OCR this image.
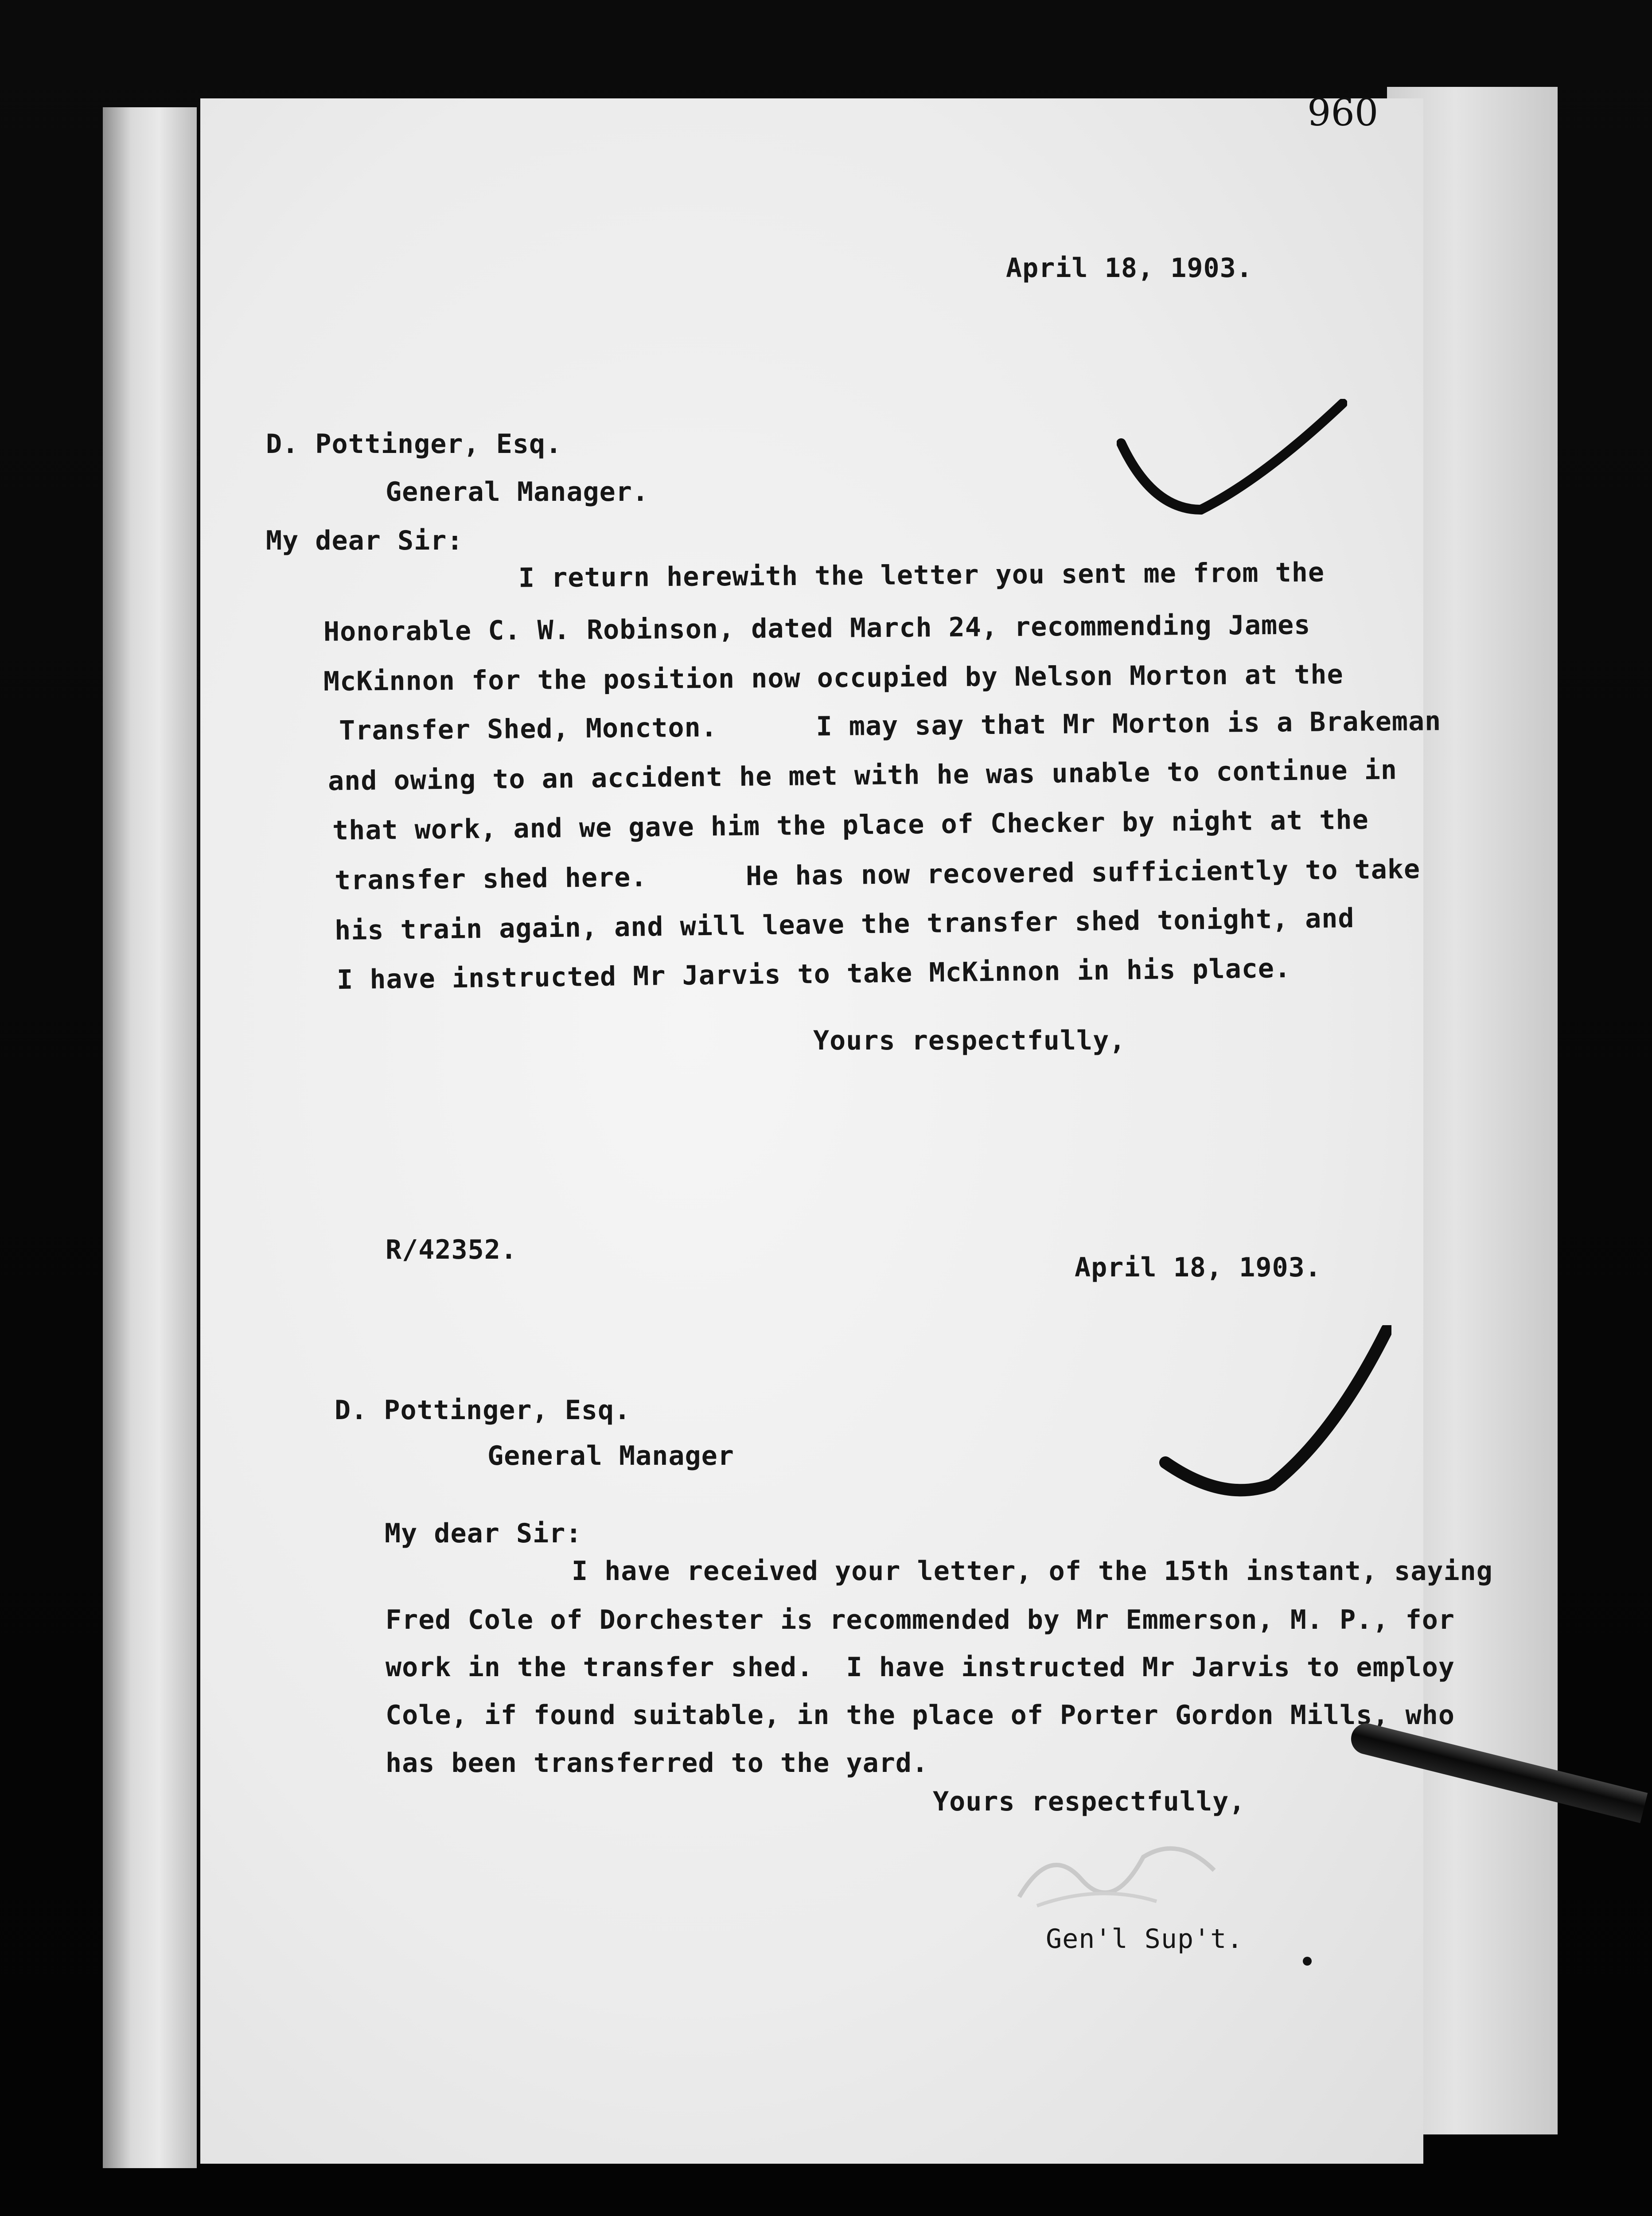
960
April 18, 1903.
D. Pottinger, Esq.
General Manager.
My dear Sir:
I return herewith the letter you sent me from the
Honorable C. W. Robinson, dated March 24, recommending James
McKinnon for the position now occupied by Nelson Morton at the
Transfer Shed, Moncton.      I may say that Mr Morton is a Brakeman
and owing to an accident he met with he was unable to continue in
that work, and we gave him the place of Checker by night at the
transfer shed here.      He has now recovered sufficiently to take
his train again, and will leave the transfer shed tonight, and
I have instructed Mr Jarvis to take McKinnon in his place.
Yours respectfully,
R/42352.
April 18, 1903.
D. Pottinger, Esq.
General Manager
My dear Sir:
I have received your letter, of the 15th instant, saying
Fred Cole of Dorchester is recommended by Mr Emmerson, M. P., for
work in the transfer shed.  I have instructed Mr Jarvis to employ
Cole, if found suitable, in the place of Porter Gordon Mills, who
has been transferred to the yard.
Yours respectfully,
Gen'l Sup't.
